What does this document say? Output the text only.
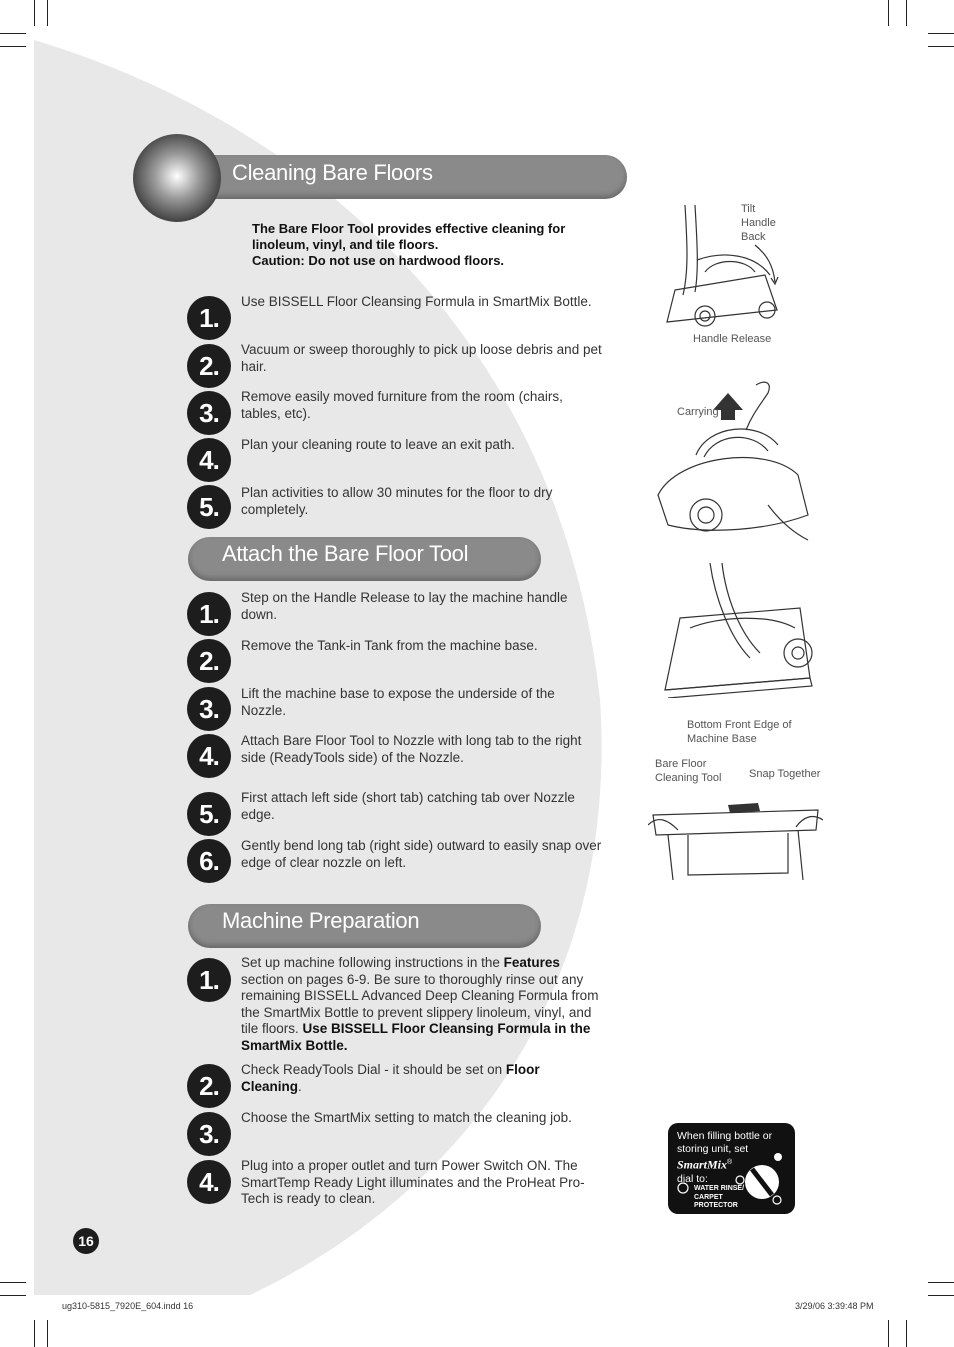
Cleaning Bare Floors
The Bare Floor Tool provides effective cleaning for linoleum, vinyl, and tile floors.
Caution: Do not use on hardwood floors.
1.
Use BISSELL Floor Cleansing Formula in SmartMix Bottle.
2.
Vacuum or sweep thoroughly to pick up loose debris and pet hair.
3.
Remove easily moved furniture from the room (chairs, tables, etc).
4.
Plan your cleaning route to leave an exit path.
5.	Plan activities to allow 30 minutes for the floor to dry completely.
Attach the Bare Floor Tool
1.
Step on the Handle Release to lay the machine handle down.
2.
Remove the Tank-in Tank from the machine base.
3.
Lift the machine base to expose the underside of the Nozzle.
4.
Attach Bare Floor Tool to Nozzle with long tab to the right side (ReadyTools side) of the Nozzle.
5.
First attach left side (short tab) catching tab over Nozzle edge.
6.
Gently bend long tab (right side) outward to easily snap over edge of clear nozzle on left.
Machine Preparation
1.
Set up machine following instructions in the Features section on pages 6-9. Be sure to thoroughly rinse out any remaining BISSELL Advanced Deep Cleaning Formula from the SmartMix Bottle to prevent slippery linoleum, vinyl, and tile floors. Use BISSELL Floor Cleansing Formula in the SmartMix Bottle.
2.
Check ReadyTools Dial - it should be set on Floor Cleaning.
3.
Choose the SmartMix setting to match the cleaning job.
4.
Plug into a proper outlet and turn Power Switch ON. The SmartTemp Ready Light illuminates and the ProHeat Pro-Tech is ready to clean.
Tilt
Handle
Back
Handle Release
Carrying
Bottom Front Edge of
Machine Base
Bare Floor
Cleaning Tool	Snap Together
When filling bottle or storing unit, set
SmartMix®
dial to:
WATER RINSE/
CARPET
PROTECTOR
16
ug310-5815_7920E_604.indd 16	3/29/06 3:39:48 PM
